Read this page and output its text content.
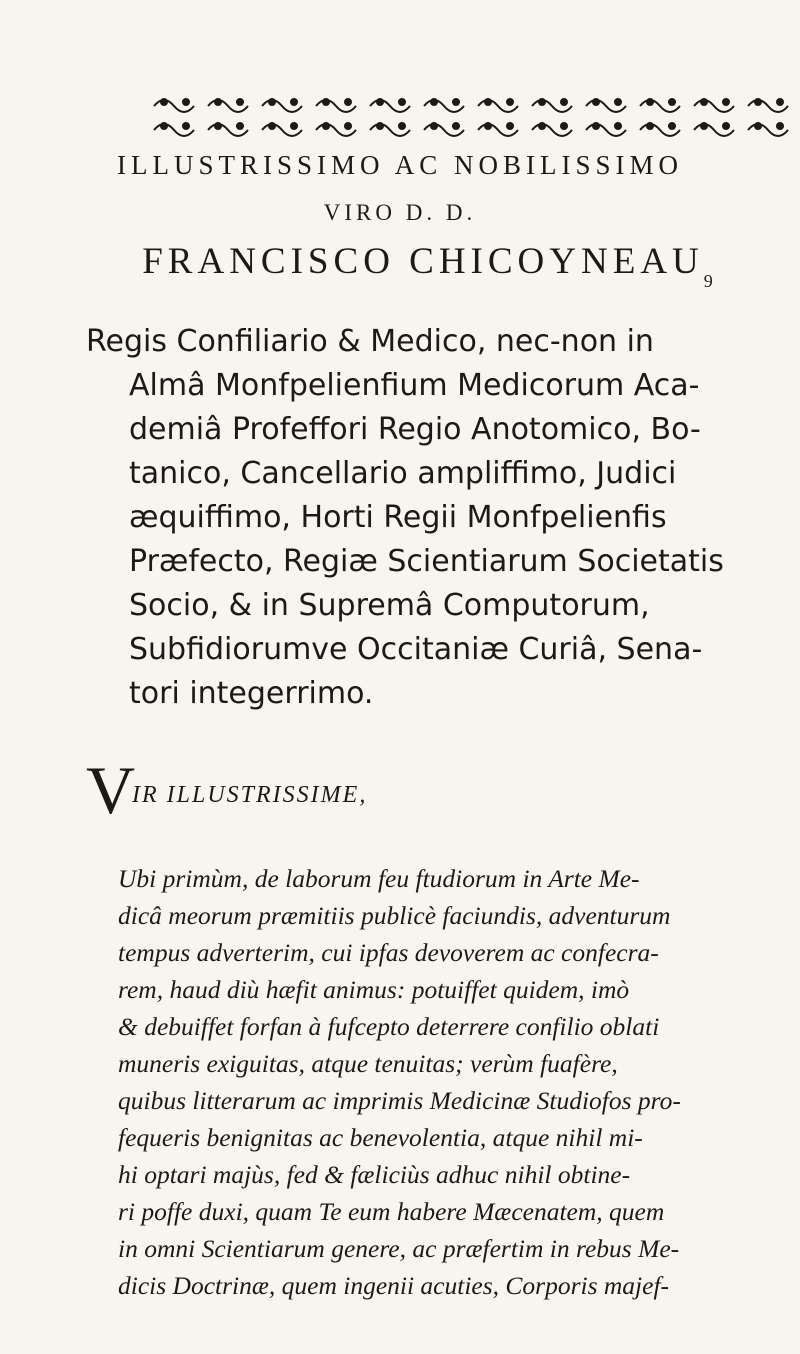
ILLUSTRISSIMO AC NOBILISSIMO
VIRO D. D.
FRANCISCO $CHICOYNEAU_9$
Regis Confiliario & Medico, nec-non in
Almâ Monfpelienfium Medicorum Aca-
demiâ Profeffori Regio Anotomico, Bo-
tanico, Cancellario ampliffimo, Judici
æquiffimo, Horti Regii Monfpelienfis
Præfecto, Regiæ Scientiarum Societatis
Socio, & in Supremâ Computorum,
Subfidiorumve Occitaniæ Curiâ, Sena-
tori integerrimo.
V
IR ILLUSTRISSIME,
Ubi primùm, de laborum feu ftudiorum in Arte Me-
dicâ meorum præmitiis publicè faciundis, adventurum
tempus adverterim, cui ipfas devoverem ac confecra-
rem, haud diù hæfit animus: potuiffet quidem, imò
& debuiffet forfan à fufcepto deterrere confilio oblati
muneris exiguitas, atque tenuitas; verùm fuafère,
quibus litterarum ac imprimis Medicinæ Studiofos pro-
fequeris benignitas ac benevolentia, atque nihil mi-
hi optari majùs, fed & fæliciùs adhuc nihil obtine-
ri poffe duxi, quam Te eum habere Mæcenatem, quem
in omni Scientiarum genere, ac præfertim in rebus Me-
dicis Doctrinæ, quem ingenii acuties, Corporis majef-
